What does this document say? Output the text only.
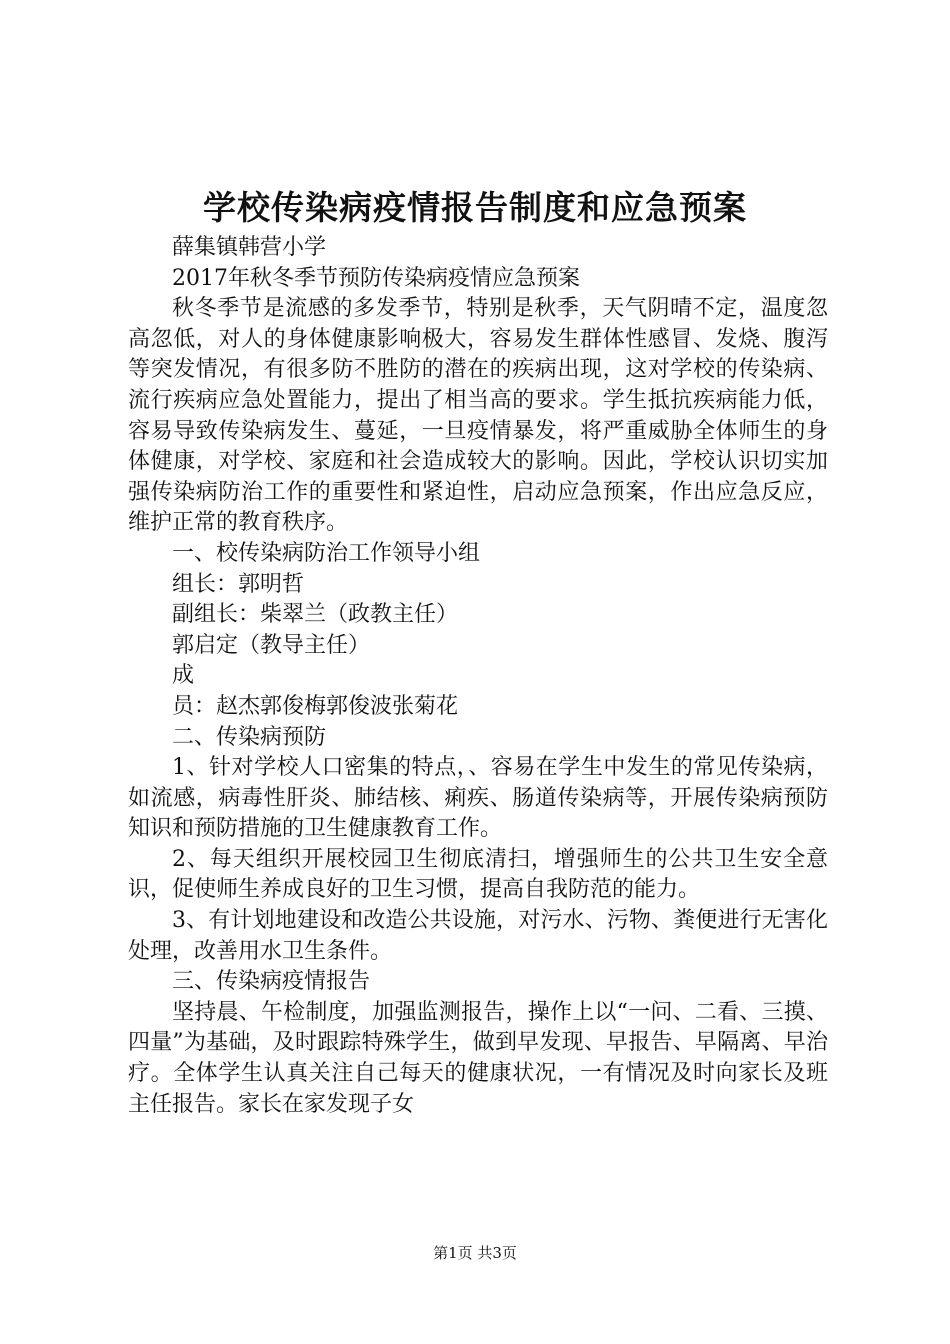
学校传染病疫情报告制度和应急预案

薛集镇韩营小学

2017年秋冬季节预防传染病疫情应急预案

秋冬季节是流感的多发季节，特别是秋季，天气阴晴不定，温度忽高忽低，对人的身体健康影响极大，容易发生群体性感冒、发烧、腹泻等突发情况，有很多防不胜防的潜在的疾病出现，这对学校的传染病、流行疾病应急处置能力，提出了相当高的要求。学生抵抗疾病能力低，容易导致传染病发生、蔓延，一旦疫情暴发，将严重威胁全体师生的身体健康，对学校、家庭和社会造成较大的影响。因此，学校认识切实加强传染病防治工作的重要性和紧迫性，启动应急预案，作出应急反应，维护正常的教育秩序。

一、校传染病防治工作领导小组

组长：郭明哲

副组长：柴翠兰（政教主任）

郭启定（教导主任）

成

员：赵杰郭俊梅郭俊波张菊花

二、传染病预防

1、针对学校人口密集的特点，、容易在学生中发生的常见传染病，如流感，病毒性肝炎、肺结核、痢疾、肠道传染病等，开展传染病预防知识和预防措施的卫生健康教育工作。

2、每天组织开展校园卫生彻底清扫，增强师生的公共卫生安全意识，促使师生养成良好的卫生习惯，提高自我防范的能力。

3、有计划地建设和改造公共设施，对污水、污物、粪便进行无害化处理，改善用水卫生条件。

三、传染病疫情报告

坚持晨、午检制度，加强监测报告，操作上以“一问、二看、三摸、四量”为基础，及时跟踪特殊学生，做到早发现、早报告、早隔离、早治疗。全体学生认真关注自己每天的健康状况，一有情况及时向家长及班主任报告。家长在家发现子女

第1页 共3页
